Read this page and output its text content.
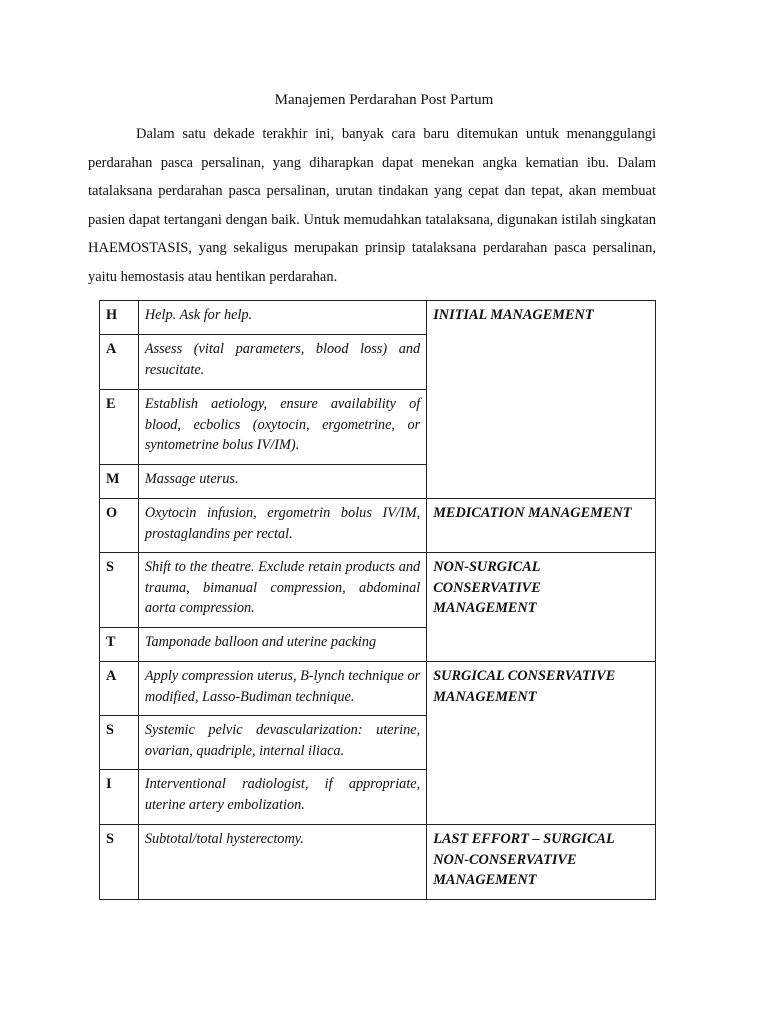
Manajemen Perdarahan Post Partum

Dalam satu dekade terakhir ini, banyak cara baru ditemukan untuk menanggulangi perdarahan pasca persalinan, yang diharapkan dapat menekan angka kematian ibu. Dalam tatalaksana perdarahan pasca persalinan, urutan tindakan yang cepat dan tepat, akan membuat pasien dapat tertangani dengan baik. Untuk memudahkan tatalaksana, digunakan istilah singkatan HAEMOSTASIS, yang sekaligus merupakan prinsip tatalaksana perdarahan pasca persalinan, yaitu hemostasis atau hentikan perdarahan.

H	Help. Ask for help.	INITIAL MANAGEMENT

A	Assess (vital parameters, blood loss) and resucitate.	

E	Establish aetiology, ensure availability of blood, ecbolics (oxytocin, ergometrine, or syntometrine bolus IV/IM).	

M	Massage uterus.	

O	Oxytocin infusion, ergometrin bolus IV/IM, prostaglandins per rectal.	MEDICATION MANAGEMENT

S	Shift to the theatre. Exclude retain products and trauma, bimanual compression, abdominal aorta compression.	NON-SURGICAL CONSERVATIVE MANAGEMENT

T	Tamponade balloon and uterine packing	

A	Apply compression uterus, B-lynch technique or modified, Lasso-Budiman technique.	SURGICAL CONSERVATIVE MANAGEMENT

S	Systemic pelvic devascularization: uterine, ovarian, quadriple, internal iliaca.	

I	Interventional radiologist, if appropriate, uterine artery embolization.	

S	Subtotal/total hysterectomy.	LAST EFFORT – SURGICAL NON-CONSERVATIVE MANAGEMENT
